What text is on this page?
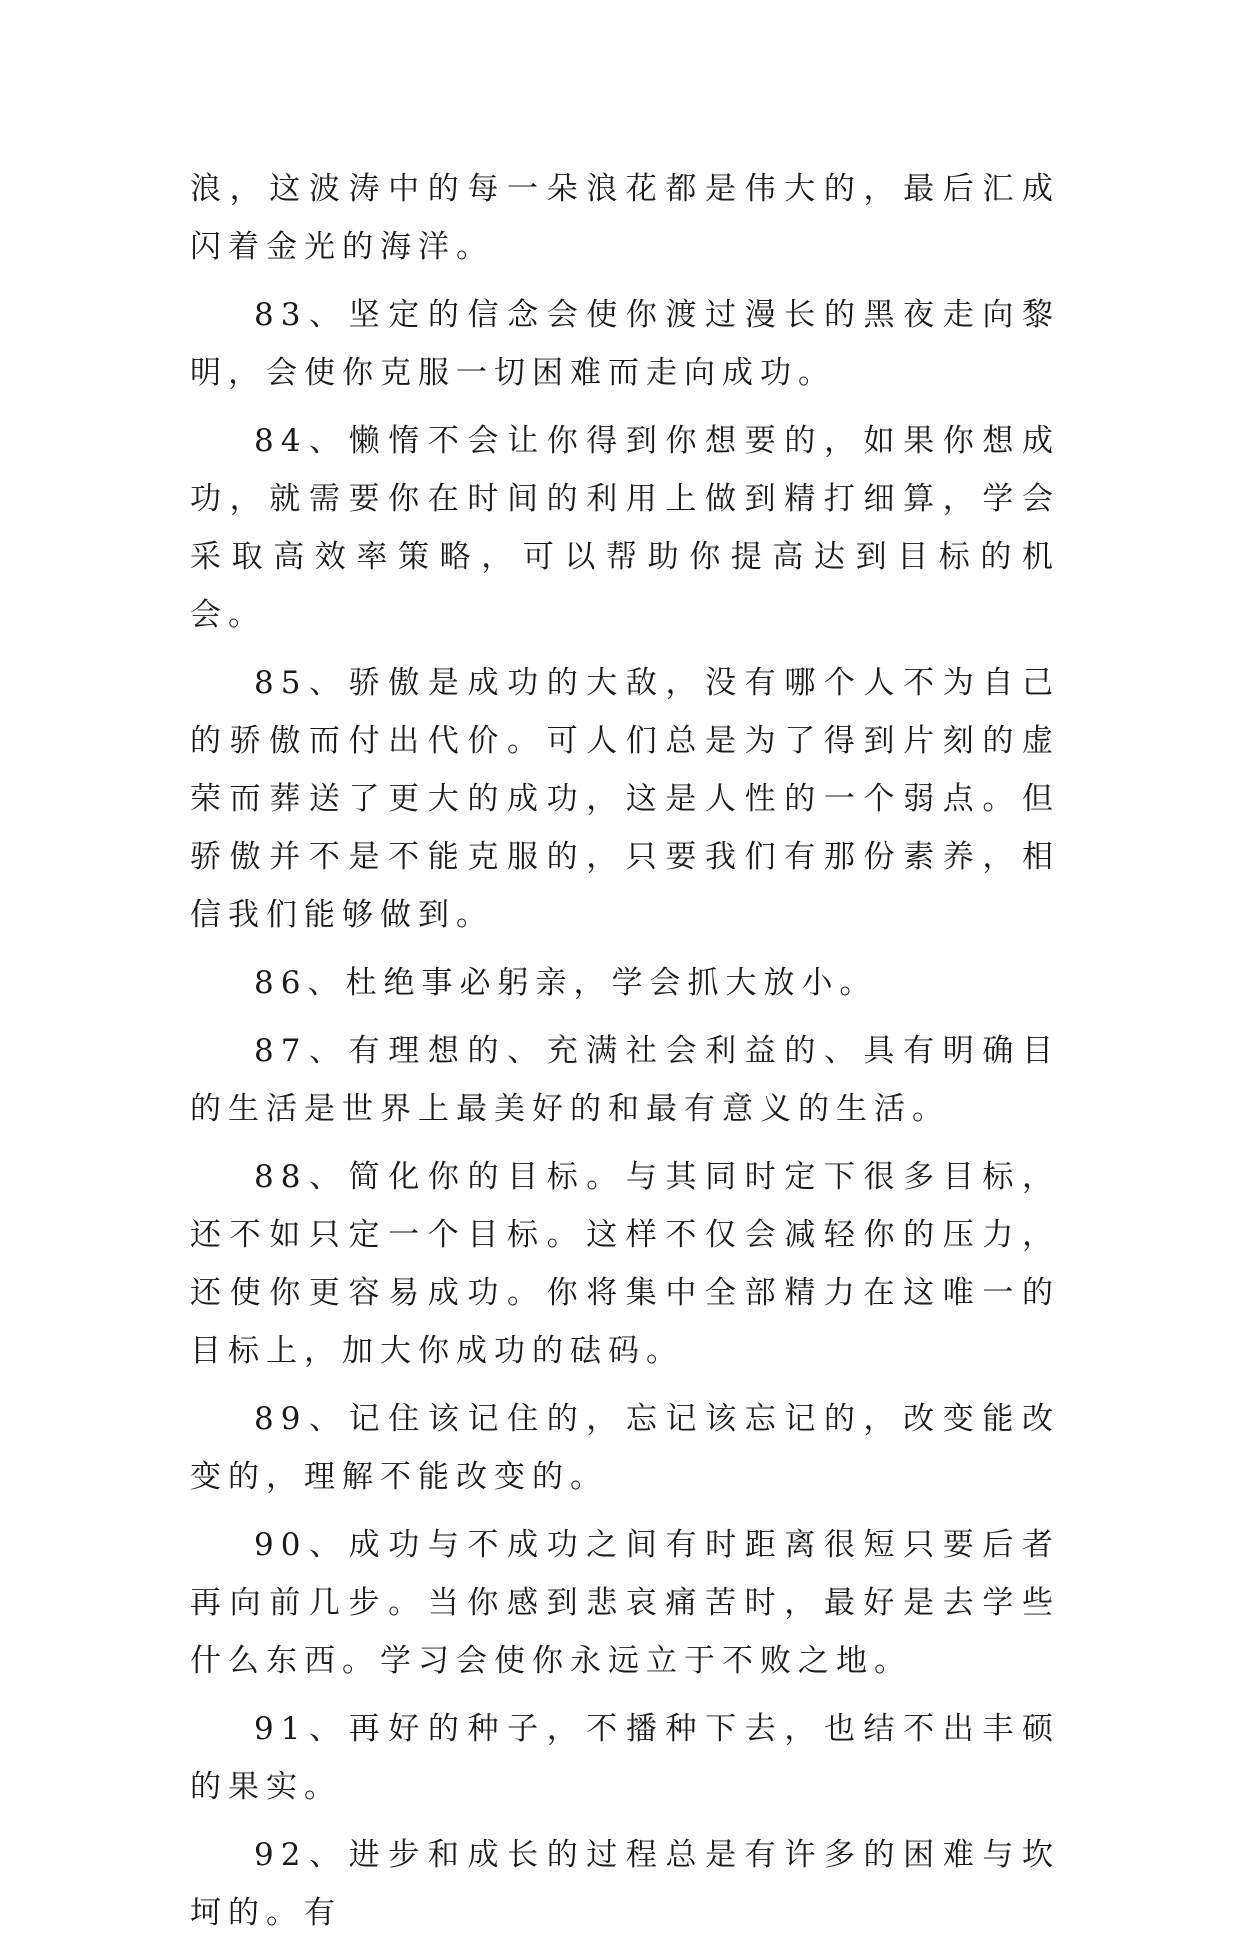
浪，这波涛中的每一朵浪花都是伟大的，最后汇成闪着金光的海洋。

83、坚定的信念会使你渡过漫长的黑夜走向黎明，会使你克服一切困难而走向成功。

84、懒惰不会让你得到你想要的，如果你想成功，就需要你在时间的利用上做到精打细算，学会采取高效率策略，可以帮助你提高达到目标的机会。

85、骄傲是成功的大敌，没有哪个人不为自己的骄傲而付出代价。可人们总是为了得到片刻的虚荣而葬送了更大的成功，这是人性的一个弱点。但骄傲并不是不能克服的，只要我们有那份素养，相信我们能够做到。

86、杜绝事必躬亲，学会抓大放小。

87、有理想的、充满社会利益的、具有明确目的生活是世界上最美好的和最有意义的生活。

88、简化你的目标。与其同时定下很多目标，还不如只定一个目标。这样不仅会减轻你的压力，还使你更容易成功。你将集中全部精力在这唯一的目标上，加大你成功的砝码。

89、记住该记住的，忘记该忘记的，改变能改变的，理解不能改变的。

90、成功与不成功之间有时距离很短只要后者再向前几步。当你感到悲哀痛苦时，最好是去学些什么东西。学习会使你永远立于不败之地。

91、再好的种子，不播种下去，也结不出丰硕的果实。

92、进步和成长的过程总是有许多的困难与坎坷的。有
